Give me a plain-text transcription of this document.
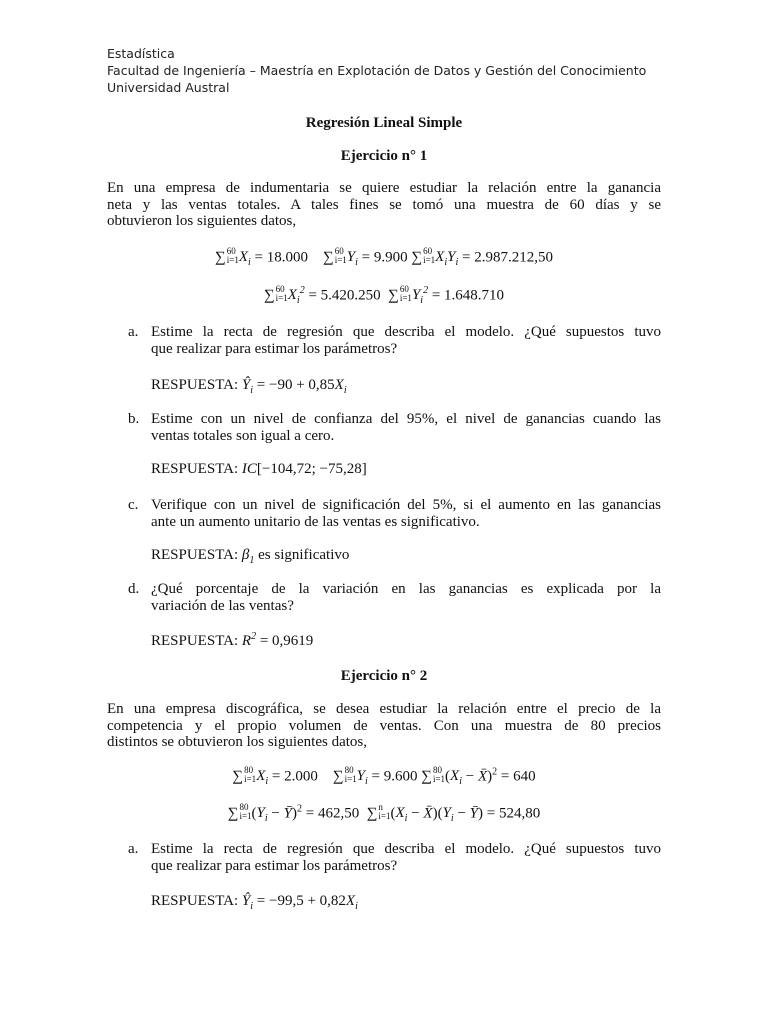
Estadística
Facultad de Ingeniería – Maestría en Explotación de Datos y Gestión del Conocimiento
Universidad Austral
Regresión Lineal Simple
Ejercicio n° 1
En una empresa de indumentaria se quiere estudiar la relación entre la ganancia
neta y las ventas totales. A tales fines se tomó una muestra de 60 días y se
obtuvieron los siguientes datos,
∑ 60
i=1 $X_i = 18.000$    ∑ 60
i=1 $Y_i = 9.900$ ∑ 60
i=1 $X_iY_i = 2.987.212,50$
∑ 60
i=1 $X_i^2 = 5.420.250$  ∑ 60
i=1 $Y_i^2 = 1.648.710$
a. Estime la recta de regresión que describa el modelo. ¿Qué supuestos tuvo
que realizar para estimar los parámetros?
RESPUESTA: $Ŷ_i = -90 + 0,85X_i$
b. Estime con un nivel de confianza del 95%, el nivel de ganancias cuando las
ventas totales son igual a cero.
RESPUESTA: IC[−104,72; −75,28]
c. Verifique con un nivel de significación del 5%, si el aumento en las ganancias
ante un aumento unitario de las ventas es significativo.
RESPUESTA: $\beta_1$ es significativo
d. ¿Qué porcentaje de la variación en las ganancias es explicada por la
variación de las ventas?
RESPUESTA: $R^2 = 0,9619$
Ejercicio n° 2
En una empresa discográfica, se desea estudiar la relación entre el precio de la
competencia y el propio volumen de ventas. Con una muestra de 80 precios
distintos se obtuvieron los siguientes datos,
∑ 80
i=1 $X_i = 2.000$    ∑ 80
i=1 $Y_i = 9.600$ ∑ 80
i=1 ($X_i$ − X̄)$^2$ = 640
∑ 80
i=1 ($Y_i$ − Ȳ)$^2$ = 462,50  ∑ n
i=1 ($X_i$ − $X̄)(Y_i$ − Ȳ) = 524,80
a. Estime la recta de regresión que describa el modelo. ¿Qué supuestos tuvo
que realizar para estimar los parámetros?
RESPUESTA: $Ŷ_i = -99,5 + 0,82X_i$
